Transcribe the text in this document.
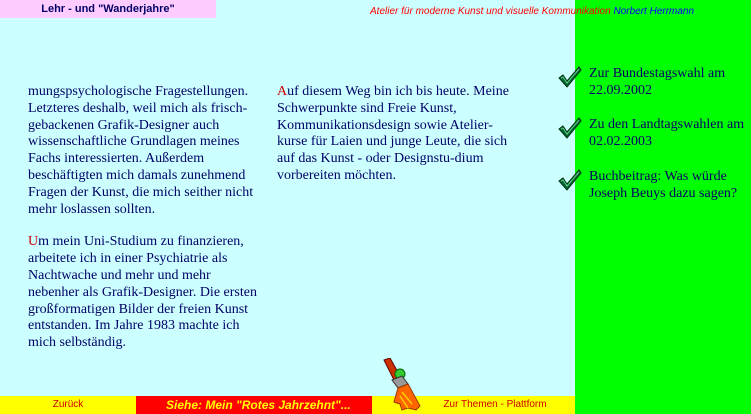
Lehr - und "Wanderjahre"	Atelier für moderne Kunst und visuelle Kommunikation Norbert Herrmann

mungspsychologische Fragestellungen. Letzteres deshalb, weil mich als frisch-gebackenen Grafik-Designer auch wissenschaftliche Grundlagen meines Fachs interessierten. Außerdem beschäftigten mich damals zunehmend Fragen der Kunst, die mich seither nicht mehr loslassen sollten.

Um mein Uni-Studium zu finanzieren, arbeitete ich in einer Psychiatrie als Nachtwache und mehr und mehr nebenher als Grafik-Designer. Die ersten großformatigen Bilder der freien Kunst entstanden. Im Jahre 1983 machte ich mich selbständig.

Auf diesem Weg bin ich bis heute. Meine Schwerpunkte sind Freie Kunst, Kommunikationsdesign sowie Atelier-kurse für Laien und junge Leute, die sich auf das Kunst - oder Designstu-dium vorbereiten möchten.

Zur Bundestagswahl am 22.09.2002
Zu den Landtagswahlen am 02.02.2003
Buchbeitrag: Was würde Joseph Beuys dazu sagen?
Zurück	Siehe: Mein "Rotes Jahrzehnt"...	Zur Themen - Plattform
